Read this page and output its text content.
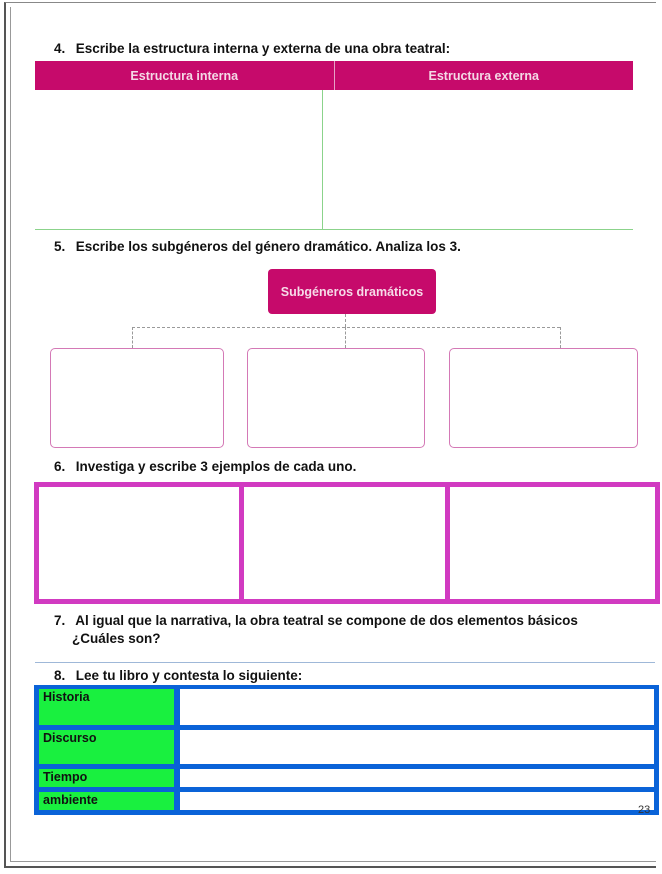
4. Escribe la estructura interna y externa de una obra teatral:
Estructura interna	Estructura externa
5. Escribe los subgéneros del género dramático. Analiza los 3.
Subgéneros dramáticos
6. Investiga y escribe 3 ejemplos de cada uno.
7. Al igual que la narrativa, la obra teatral se compone de dos elementos básicos
¿Cuáles son?
8. Lee tu libro y contesta lo siguiente:
Historia
Discurso
Tiempo
ambiente
23
